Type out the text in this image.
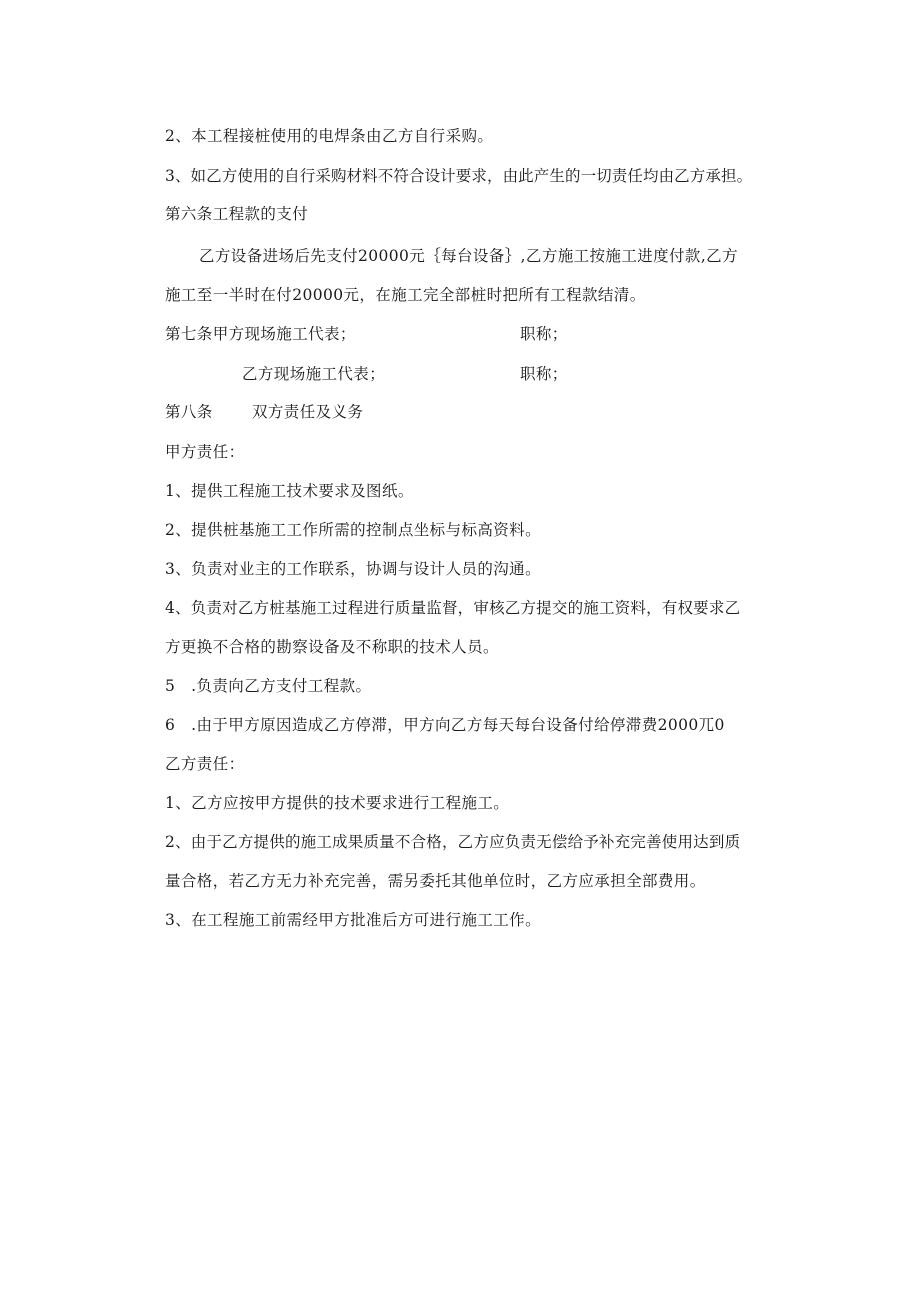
2、本工程接桩使用的电焊条由乙方自行采购。
3、如乙方使用的自行采购材料不符合设计要求，由此产生的一切责任均由乙方承担。
第六条工程款的支付
乙方设备进场后先支付20000元｛每台设备｝,乙方施工按施工进度付款,乙方
施工至一半时在付20000元，在施工完全部桩时把所有工程款结清。
第七条甲方现场施工代表；	职称；
乙方现场施工代表；	职称；
第八条	双方责任及义务
甲方责任：
1、提供工程施工技术要求及图纸。
2、提供桩基施工工作所需的控制点坐标与标高资料。
3、负责对业主的工作联系，协调与设计人员的沟通。
4、负责对乙方桩基施工过程进行质量监督，审核乙方提交的施工资料，有权要求乙
方更换不合格的勘察设备及不称职的技术人员。
5　.负责向乙方支付工程款。
6　.由于甲方原因造成乙方停滞，甲方向乙方每天每台设备付给停滞费2000兀0
乙方责任：
1、乙方应按甲方提供的技术要求进行工程施工。
2、由于乙方提供的施工成果质量不合格，乙方应负责无偿给予补充完善使用达到质
量合格，若乙方无力补充完善，需另委托其他单位时，乙方应承担全部费用。
3、在工程施工前需经甲方批准后方可进行施工工作。
